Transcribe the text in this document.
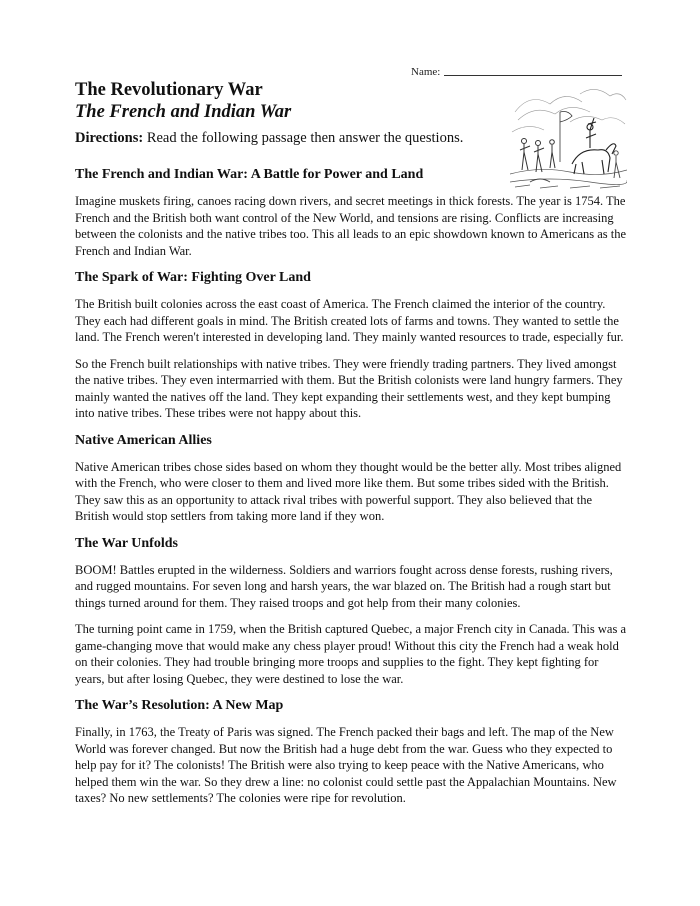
Name:
The Revolutionary War
The French and Indian War

Directions: Read the following passage then answer the questions.

The French and Indian War: A Battle for Power and Land

Imagine muskets firing, canoes racing down rivers, and secret meetings in thick forests. The year is 1754. The French and the British both want control of the New World, and tensions are rising. Conflicts are increasing between the colonists and the native tribes too. This all leads to an epic showdown known to Americans as the French and Indian War.

The Spark of War: Fighting Over Land

The British built colonies across the east coast of America. The French claimed the interior of the country. They each had different goals in mind. The British created lots of farms and towns. They wanted to settle the land. The French weren't interested in developing land. They mainly wanted resources to trade, especially fur.

So the French built relationships with native tribes. They were friendly trading partners. They lived amongst the native tribes. They even intermarried with them. But the British colonists were land hungry farmers. They mainly wanted the natives off the land. They kept expanding their settlements west, and they kept bumping into native tribes. These tribes were not happy about this.

Native American Allies

Native American tribes chose sides based on whom they thought would be the better ally. Most tribes aligned with the French, who were closer to them and lived more like them. But some tribes sided with the British. They saw this as an opportunity to attack rival tribes with powerful support. They also believed that the British would stop settlers from taking more land if they won.

The War Unfolds

BOOM! Battles erupted in the wilderness. Soldiers and warriors fought across dense forests, rushing rivers, and rugged mountains. For seven long and harsh years, the war blazed on. The British had a rough start but things turned around for them. They raised troops and got help from their many colonies.

The turning point came in 1759, when the British captured Quebec, a major French city in Canada. This was a game-changing move that would make any chess player proud! Without this city the French had a weak hold on their colonies. They had trouble bringing more troops and supplies to the fight. They kept fighting for years, but after losing Quebec, they were destined to lose the war.

The War’s Resolution: A New Map

Finally, in 1763, the Treaty of Paris was signed. The French packed their bags and left. The map of the New World was forever changed. But now the British had a huge debt from the war. Guess who they expected to help pay for it? The colonists! The British were also trying to keep peace with the Native Americans, who helped them win the war. So they drew a line: no colonist could settle past the Appalachian Mountains. New taxes? No new settlements? The colonies were ripe for revolution.
